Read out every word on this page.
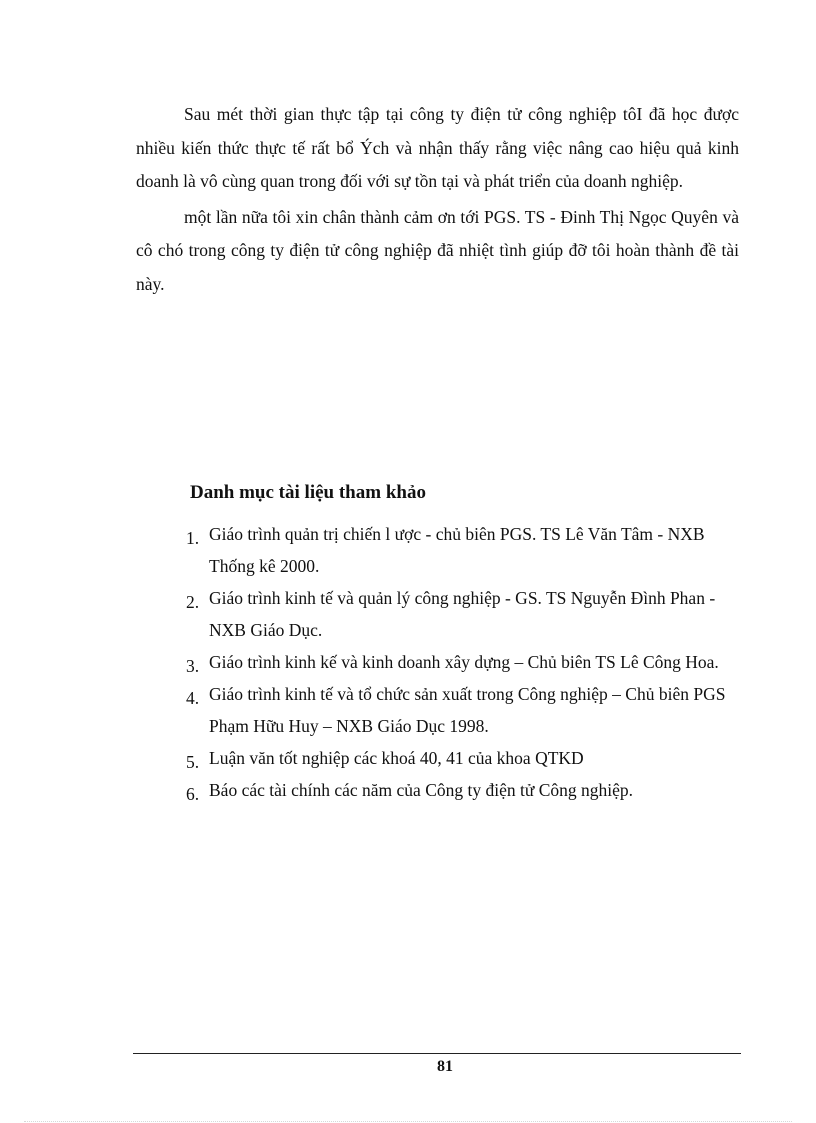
Sau mét thời gian thực tập tại công ty điện tử công nghiệp tôI đã học được nhiều kiến thức thực tế rất bổ Ých và nhận thấy rằng việc nâng cao hiệu quả kinh doanh là vô cùng quan trong đối với sự tồn tại và phát triển của doanh nghiệp.

một lần nữa tôi xin chân thành cảm ơn tới PGS. TS - Đinh Thị Ngọc Quyên và cô chó trong công ty điện tử công nghiệp đã nhiệt tình giúp đỡ tôi hoàn thành đề tài này.

Danh mục tài liệu tham khảo
1. Giáo trình quản trị chiến l ược - chủ biên PGS. TS Lê Văn Tâm - NXB Thống kê 2000.
2. Giáo trình kinh tế và quản lý công nghiệp - GS. TS Nguyễn Đình Phan - NXB Giáo Dục.
3. Giáo trình kinh kế và kinh doanh xây dựng – Chủ biên TS Lê Công Hoa.
4. Giáo trình kinh tế và tổ chức sản xuất trong Công nghiệp – Chủ biên PGS Phạm Hữu Huy – NXB Giáo Dục 1998.
5. Luận văn tốt nghiệp các khoá 40, 41 của khoa QTKD
6. Báo các tài chính các năm của Công ty điện tử Công nghiệp.
81
